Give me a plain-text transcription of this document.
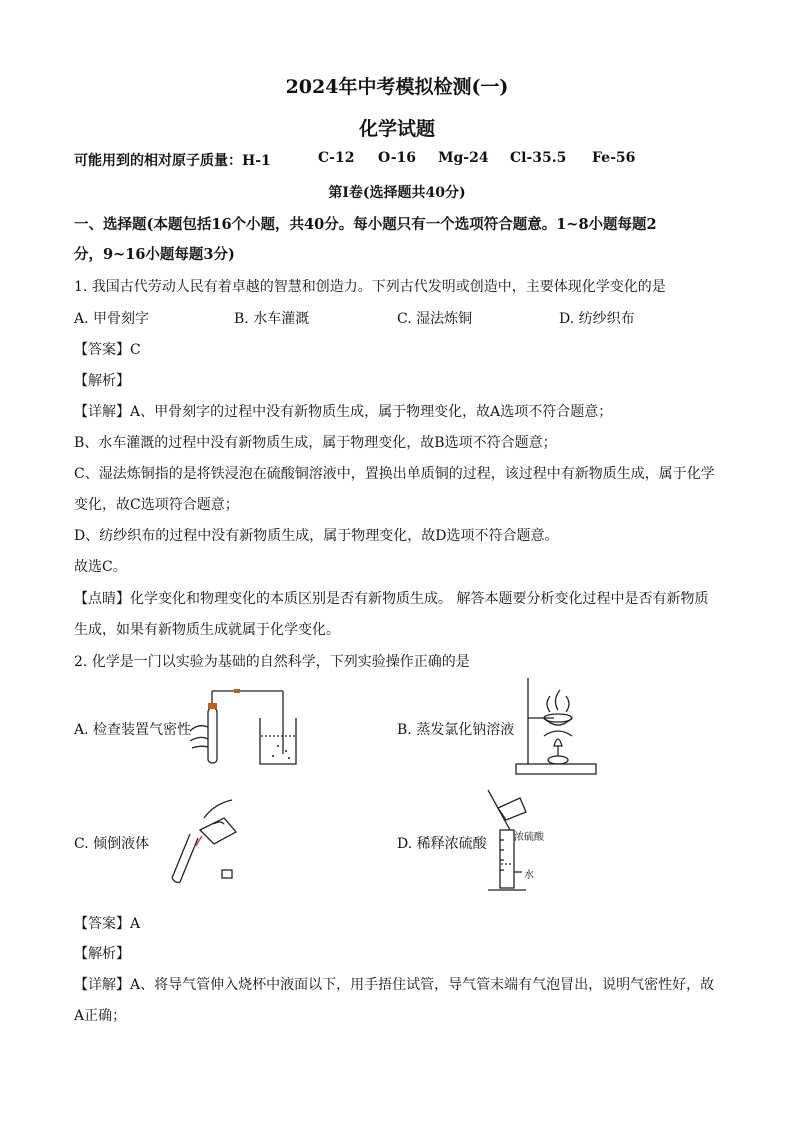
2024年中考模拟检测(一)
化学试题
可能用到的相对原子质量：H-1	C-12 O-16 Mg-24 Cl-35.5 Fe-56
第Ⅰ卷(选择题共40分)
一、选择题(本题包括16个小题，共40分。每小题只有一个选项符合题意。1~8小题每题2
分，9~16小题每题3分)
1. 我国古代劳动人民有着卓越的智慧和创造力。下列古代发明或创造中，主要体现化学变化的是
A. 甲骨刻字	B. 水车灌溉	C. 湿法炼铜	D. 纺纱织布
【答案】C
【解析】
【详解】A、甲骨刻字的过程中没有新物质生成，属于物理变化，故A选项不符合题意；
B、水车灌溉的过程中没有新物质生成，属于物理变化，故B选项不符合题意；
C、湿法炼铜指的是将铁浸泡在硫酸铜溶液中，置换出单质铜的过程，该过程中有新物质生成，属于化学
变化，故C选项符合题意；
D、纺纱织布的过程中没有新物质生成，属于物理变化，故D选项不符合题意。
故选C。
【点睛】化学变化和物理变化的本质区别是否有新物质生成。 解答本题要分析变化过程中是否有新物质
生成，如果有新物质生成就属于化学变化。
2. 化学是一门以实验为基础的自然科学，下列实验操作正确的是
A. 检查装置气密性	B. 蒸发氯化钠溶液
C. 倾倒液体	D. 稀释浓硫酸	浓硫酸
水
【答案】A
【解析】
【详解】A、将导气管伸入烧杯中液面以下，用手捂住试管，导气管末端有气泡冒出，说明气密性好，故
A正确；
